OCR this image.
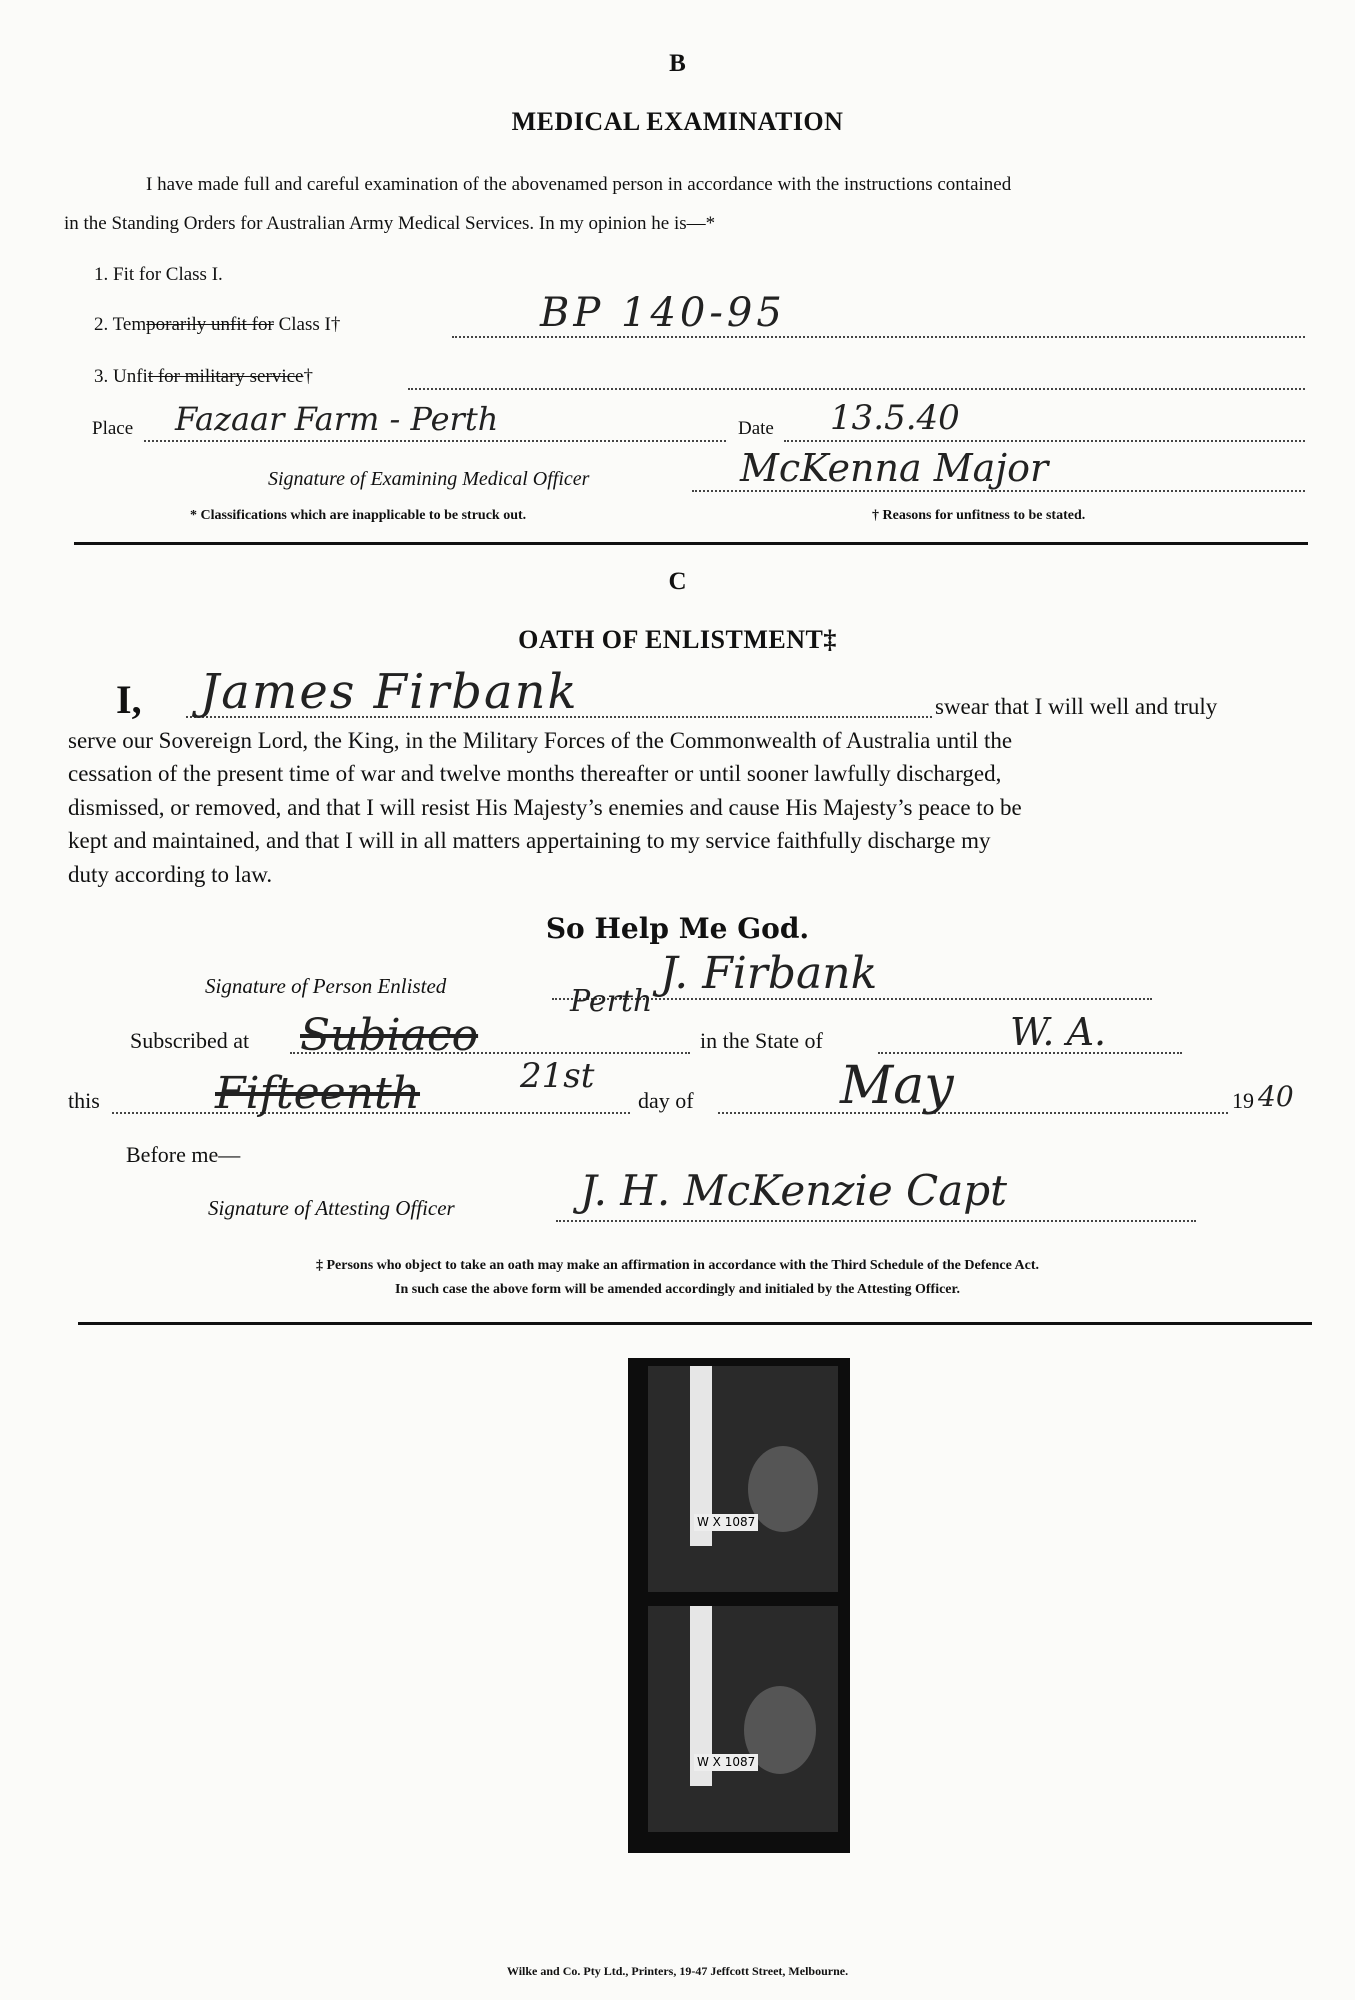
B
MEDICAL EXAMINATION
I have made full and careful examination of the abovenamed person in accordance with the instructions contained
in the Standing Orders for Australian Army Medical Services. In my opinion he is—*
1. Fit for Class I.
2. Temporarily unfit for Class I†	BP 140-95
3. Unfit for military service†
Place Fazaar Farm - Perth	Date 13.5.40
Signature of Examining Medical Officer	McKenna Major
* Classifications which are inapplicable to be struck out.	† Reasons for unfitness to be stated.
C
OATH OF ENLISTMENT‡
I, James Firbank	swear that I will well and truly
serve our Sovereign Lord, the King, in the Military Forces of the Commonwealth of Australia until the
cessation of the present time of war and twelve months thereafter or until sooner lawfully discharged,
dismissed, or removed, and that I will resist His Majesty’s enemies and cause His Majesty’s peace to be
kept and maintained, and that I will in all matters appertaining to my service faithfully discharge my
duty according to law.
So Help Me God.
Signature of Person Enlisted	J. Firbank
Subscribed at Subiaco
Perth
in the State of	W. A.
this	Fifteenth	21st
day of	May	19 40
Before me—
Signature of Attesting Officer	J. H. McKenzie Capt
‡ Persons who object to take an oath may make an affirmation in accordance with the Third Schedule of the Defence Act.
In such case the above form will be amended accordingly and initialed by the Attesting Officer.
W X 1087
W X 1087
Wilke and Co. Pty Ltd., Printers, 19-47 Jeffcott Street, Melbourne.
